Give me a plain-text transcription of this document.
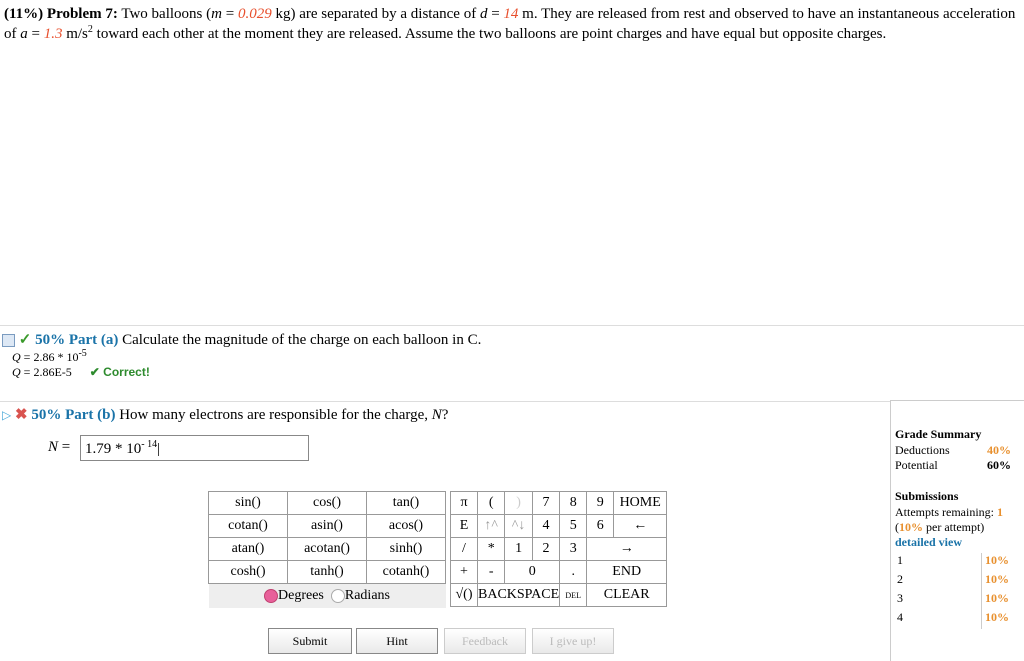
(11%) Problem 7: Two balloons (m = 0.029 kg) are separated by a distance of d = 14 m. They are released from rest and observed to have an instantaneous acceleration of a = 1.3 $m/s^2$ toward each other at the moment they are released. Assume the two balloons are point charges and have equal but opposite charges.
✓ 50% Part (a) Calculate the magnitude of the charge on each balloon in C.
$Q = 2.86 * 10^{-5}$
Q = 2.86E-5 ✔ Correct!
▷ ✖ 50% Part (b) How many electrons are responsible for the charge, N?
$N = 1.79 * 10^{- 14}|$
sin()	cos()	tan()
cotan()	asin()	acos()
atan()	acotan()	sinh()
cosh()	tanh()	cotanh()
Degrees Radians		
π	(	)	7	8	9	HOME
E	↑^	^↓	4	5	6	←
/	*	1	2	3	→	
+	-	0		.	END	
√()	BACKSPACE			DEL	CLEAR	
Submit	Hint	Feedback	I give up!
Grade Summary
Deductions	40%
Potential	60%
Submissions
Attempts remaining: 1
(10% per attempt)
detailed view
1	10%
2	10%
3	10%
4	10%
